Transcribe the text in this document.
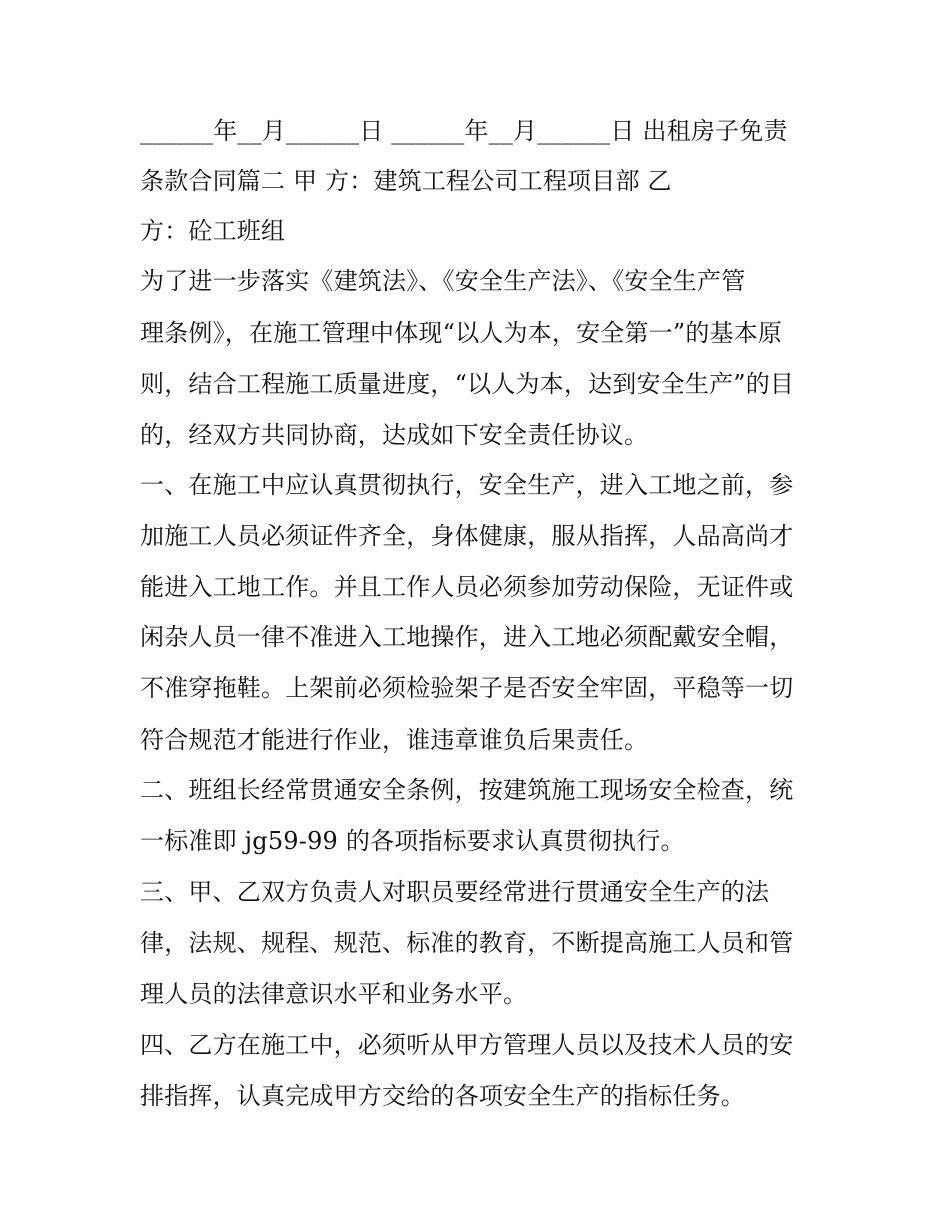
______年__月______日 ______年__月______日 出租房子免责

条款合同篇二 甲 方：建筑工程公司工程项目部 乙

方：砼工班组

为了进一步落实《建筑法》、《安全生产法》、《安全生产管

理条例》，在施工管理中体现“以人为本，安全第一”的基本原

则，结合工程施工质量进度，“以人为本，达到安全生产”的目

的，经双方共同协商，达成如下安全责任协议。

一、在施工中应认真贯彻执行，安全生产，进入工地之前，参

加施工人员必须证件齐全，身体健康，服从指挥，人品高尚才

能进入工地工作。并且工作人员必须参加劳动保险，无证件或

闲杂人员一律不准进入工地操作，进入工地必须配戴安全帽，

不准穿拖鞋。上架前必须检验架子是否安全牢固，平稳等一切

符合规范才能进行作业，谁违章谁负后果责任。

二、班组长经常贯通安全条例，按建筑施工现场安全检查，统

一标准即 jg59-99 的各项指标要求认真贯彻执行。

三、甲、乙双方负责人对职员要经常进行贯通安全生产的法

律，法规、规程、规范、标准的教育，不断提高施工人员和管

理人员的法律意识水平和业务水平。

四、乙方在施工中，必须听从甲方管理人员以及技术人员的安

排指挥，认真完成甲方交给的各项安全生产的指标任务。
